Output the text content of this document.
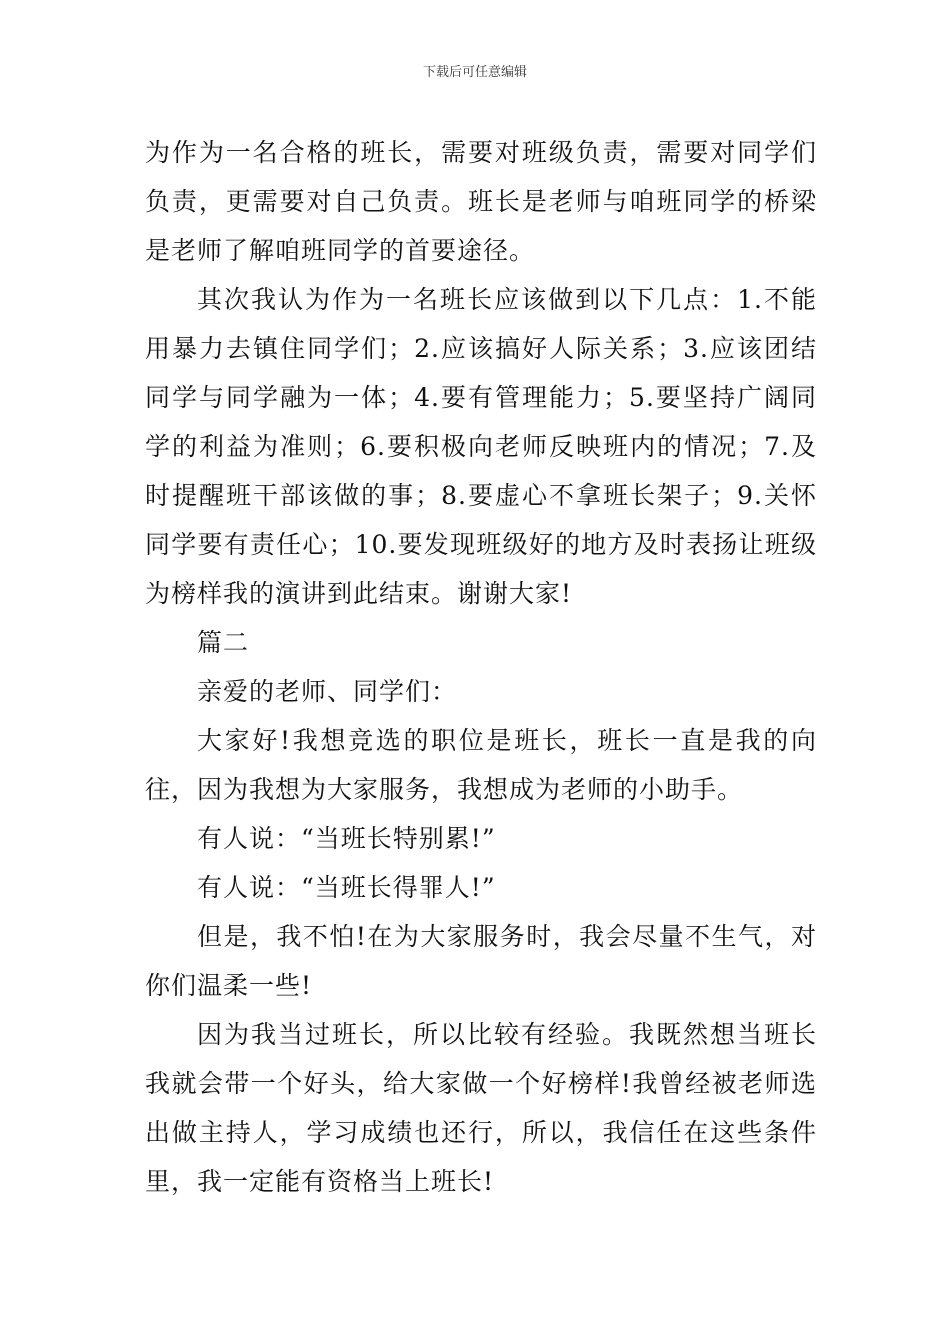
下载后可任意编辑

为作为一名合格的班长，需要对班级负责，需要对同学们负责，更需要对自己负责。班长是老师与咱班同学的桥梁是老师了解咱班同学的首要途径。

其次我认为作为一名班长应该做到以下几点：1.不能用暴力去镇住同学们；2.应该搞好人际关系；3.应该团结同学与同学融为一体；4.要有管理能力；5.要坚持广阔同学的利益为准则；6.要积极向老师反映班内的情况；7.及时提醒班干部该做的事；8.要虚心不拿班长架子；9.关怀同学要有责任心；10.要发现班级好的地方及时表扬让班级为榜样我的演讲到此结束。谢谢大家!

篇二

亲爱的老师、同学们：

大家好!我想竞选的职位是班长，班长一直是我的向往，因为我想为大家服务，我想成为老师的小助手。

有人说：“当班长特别累!”

有人说：“当班长得罪人!”

但是，我不怕!在为大家服务时，我会尽量不生气，对你们温柔一些!

因为我当过班长，所以比较有经验。我既然想当班长我就会带一个好头，给大家做一个好榜样!我曾经被老师选出做主持人，学习成绩也还行，所以，我信任在这些条件里，我一定能有资格当上班长!
